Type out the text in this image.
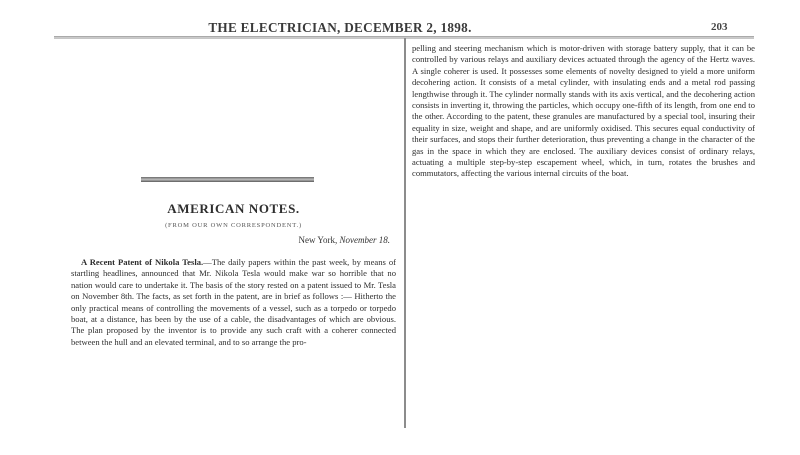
THE ELECTRICIAN, DECEMBER 2, 1898.	203
AMERICAN NOTES.
(FROM OUR OWN CORRESPONDENT.)
New York, November 18.

A Recent Patent of Nikola Tesla.—The daily papers within the past week, by means of startling headlines, announced that Mr. Nikola Tesla would make war so horrible that no nation would care to undertake it. The basis of the story rested on a patent issued to Mr. Tesla on November 8th. The facts, as set forth in the patent, are in brief as follows :— Hitherto the only practical means of controlling the movements of a vessel, such as a torpedo or torpedo boat, at a distance, has been by the use of a cable, the disadvantages of which are obvious. The plan proposed by the inventor is to provide any such craft with a coherer connected between the hull and an elevated terminal, and to so arrange the pro-

pelling and steering mechanism which is motor-driven with storage battery supply, that it can be controlled by various relays and auxiliary devices actuated through the agency of the Hertz waves. A single coherer is used. It possesses some elements of novelty designed to yield a more uniform decohering action. It consists of a metal cylinder, with insulating ends and a metal rod passing lengthwise through it. The cylinder normally stands with its axis vertical, and the decohering action consists in inverting it, throwing the particles, which occupy one-fifth of its length, from one end to the other. According to the patent, these granules are manufactured by a special tool, insuring their equality in size, weight and shape, and are uniformly oxidised. This secures equal conductivity of their surfaces, and stops their further deterioration, thus preventing a change in the character of the gas in the space in which they are enclosed. The auxiliary devices consist of ordinary relays, actuating a multiple step-by-step escapement wheel, which, in turn, rotates the brushes and commutators, affecting the various internal circuits of the boat.
